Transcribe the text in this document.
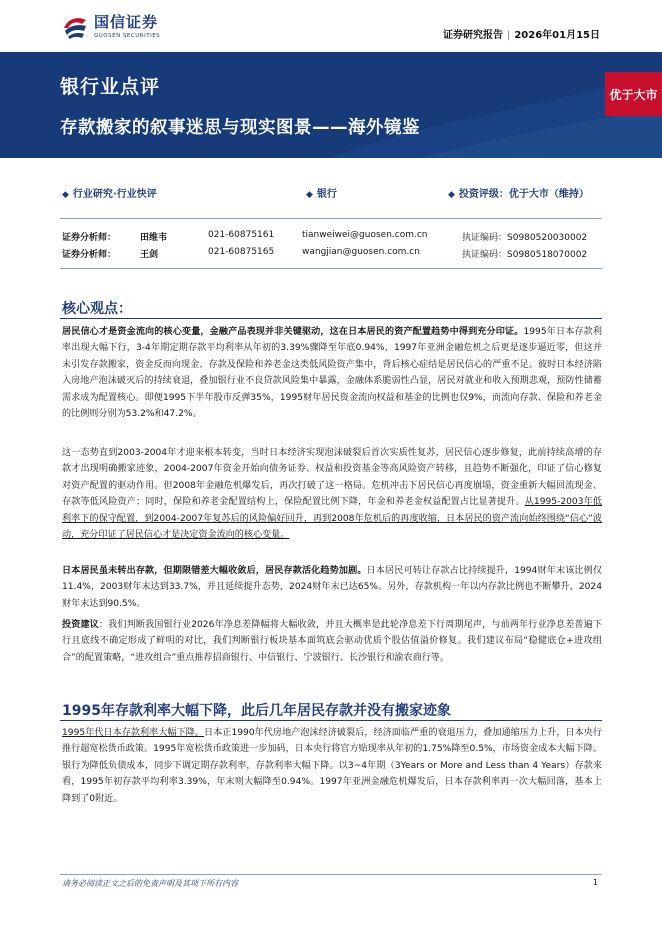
国信证券
GUOSEN SECURITIES	证券研究报告 | 2026年01月15日
银行业点评
存款搬家的叙事迷思与现实图景——海外镜鉴
优于大市
◆ 行业研究·行业快评	◆ 银行	◆ 投资评级：优于大市（维持）
证券分析师：	田维韦	021-60875161	tianweiwei@guosen.com.cn	执证编码：S0980520030002
证券分析师：	王剑	021-60875165	wangjian@guosen.com.cn	执证编码：S0980518070002
核心观点：
居民信心才是资金流向的核心变量，金融产品表现并非关键驱动，这在日本居民的资产配置趋势中得到充分印证。1995年日本存款利率出现大幅下行，3-4年期定期存款平均利率从年初的3.39%骤降至年底0.94%，1997年亚洲金融危机之后更是逐步逼近零，但这并未引发存款搬家，资金反而向现金、存款及保险和养老金这类低风险资产集中，背后核心症结是居民信心的严重不足。彼时日本经济陷入房地产泡沫破灭后的持续衰退，叠加银行业不良贷款风险集中暴露，金融体系脆弱性凸显，居民对就业和收入预期悲观，预防性储蓄需求成为配置核心。即便1995下半年股市反弹35%，1995财年居民资金流向权益和基金的比例也仅9%，而流向存款、保险和养老金的比例则分别为53.2%和47.2%。
这一态势直到2003-2004年才迎来根本转变，当时日本经济实现泡沫破裂后首次实质性复苏，居民信心逐步修复，此前持续高增的存款才出现明确搬家迹象，2004-2007年资金开始向债务证券、权益和投资基金等高风险资产转移，且趋势不断强化，印证了信心修复对资产配置的驱动作用。但2008年金融危机爆发后，再次打破了这一格局。危机冲击下居民信心再度崩塌，资金重新大幅回流现金、存款等低风险资产；同时，保险和养老金配置结构上，保险配置比例下降，年金和养老金权益配置占比显著提升。从1995-2003年低利率下的保守配置，到2004-2007年复苏后的风险偏好回升，再到2008年危机后的再度收缩，日本居民的资产流向始终围绕“信心”波动，充分印证了居民信心才是决定资金流向的核心变量。
日本居民虽未转出存款，但期限错差大幅收敛后，居民存款活化趋势加剧。日本居民可转让存款占比持续提升，1994财年末该比例仅11.4%，2003财年末达到33.7%，并且延续提升态势，2024财年末已达65%。另外，存款机构一年以内存款比例也不断攀升，2024财年末达到90.5%。
投资建议：我们判断我国银行业2026年净息差降幅将大幅收敛，并且大概率是此轮净息差下行周期尾声，与前两年行业净息差普遍下行且底线不确定形成了鲜明的对比，我们判断银行板块基本面筑底会驱动优质个股估值溢价修复。我们建议布局“稳健底仓+进攻组合”的配置策略，“进攻组合”重点推荐招商银行、中信银行、宁波银行、长沙银行和渝农商行等。
1995年存款利率大幅下降，此后几年居民存款并没有搬家迹象
1995年代日本存款利率大幅下降。日本正1990年代房地产泡沫经济破裂后，经济面临严重的衰退压力，叠加通缩压力上升，日本央行推行超宽松货币政策。1995年宽松货币政策进一步加码，日本央行将官方贴现率从年初的1.75%降至0.5%，市场资金成本大幅下降。银行为降低负债成本，同步下调定期存款利率，存款利率大幅下降。以3~4年期（3Years or More and Less than 4 Years）存款来看，1995年初存款平均利率3.39%，年末则大幅降至0.94%。1997年亚洲金融危机爆发后，日本存款利率再一次大幅回落，基本上降到了0附近。
请务必阅读正文之后的免责声明及其项下所有内容	1
